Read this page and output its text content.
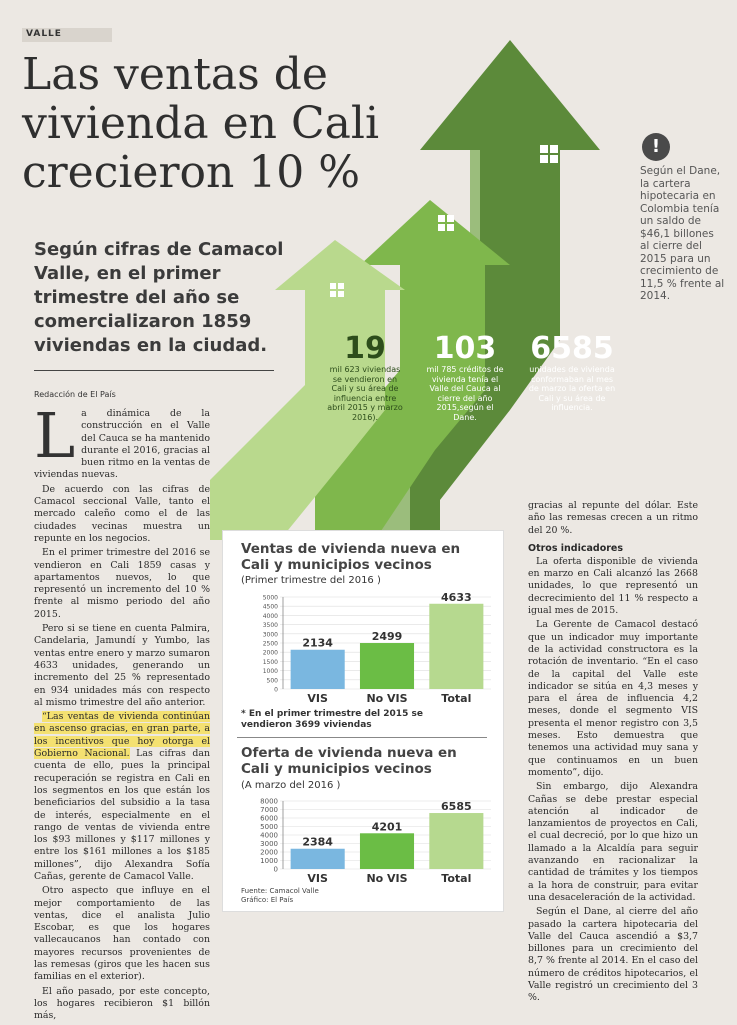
VALLE
Las ventas de
vivienda en Cali
crecieron 10 %
Según cifras de Camacol Valle, en el primer trimestre del año se comercializaron 1859 viviendas en la ciudad.
Redacción de El País
19
mil 623 viviendas se vendieron en Cali y su área de influencia entre abril 2015 y marzo 2016).
103
mil 785 créditos de vivienda tenía el Valle del Cauca al cierre del año 2015,según el Dane.
6585
unidades de vivienda conformaban al mes de marzo la oferta en Cali y su área de influencia.
!
Según el Dane, la cartera hipotecaria en Colombia tenía un saldo de $46,1 billones al cierre del 2015 para un crecimiento de 11,5 % frente al 2014.

La dinámica de la construcción en el Valle del Cauca se ha mantenido durante el 2016, gracias al buen ritmo en la ventas de viviendas nuevas.

De acuerdo con las cifras de Camacol seccional Valle, tanto el mercado caleño como el de las ciudades vecinas muestra un repunte en los negocios.

En el primer trimestre del 2016 se vendieron en Cali 1859 casas y apartamentos nuevos, lo que representó un incremento del 10 % frente al mismo periodo del año 2015.

Pero si se tiene en cuenta Palmira, Candelaria, Jamundí y Yumbo, las ventas entre enero y marzo sumaron 4633 unidades, generando un incremento del 25 % representado en 934 unidades más con respecto al mismo trimestre del año anterior.

“Las ventas de vivienda continúan en ascenso gracias, en gran parte, a los incentivos que hoy otorga el Gobierno Nacional. Las cifras dan cuenta de ello, pues la principal recuperación se registra en Cali en los segmentos en los que están los beneficiarios del subsidio a la tasa de interés, especialmente en el rango de ventas de vivienda entre los $93 millones y $117 millones y entre los $161 millones a los $185 millones”, dijo Alexandra Sofía Cañas, gerente de Camacol Valle.

Otro aspecto que influye en el mejor comportamiento de las ventas, dice el analista Julio Escobar, es que los hogares vallecaucanos han contado con mayores recursos provenientes de las remesas (giros que les hacen sus familias en el exterior).

El año pasado, por este concepto, los hogares recibieron $1 billón más,

gracias al repunte del dólar. Este año las remesas crecen a un ritmo del 20 %.

Otros indicadores

La oferta disponible de vivienda en marzo en Cali alcanzó las 2668 unidades, lo que representó un decrecimiento del 11 % respecto a igual mes de 2015.

La Gerente de Camacol destacó que un indicador muy importante de la actividad constructora es la rotación de inventario. “En el caso de la capital del Valle este indicador se sitúa en 4,3 meses y para el área de influencia 4,2 meses, donde el segmento VIS presenta el menor registro con 3,5 meses. Esto demuestra que tenemos una actividad muy sana y que continuamos en un buen momento”, dijo.

Sin embargo, dijo Alexandra Cañas se debe prestar especial atención al indicador de lanzamientos de proyectos en Cali, el cual decreció, por lo que hizo un llamado a la Alcaldía para seguir avanzando en racionalizar la cantidad de trámites y los tiempos a la hora de construir, para evitar una desaceleración de la actividad.

Según el Dane, al cierre del año pasado la cartera hipotecaria del Valle del Cauca ascendió a $3,7 billones para un crecimiento del 8,7 % frente al 2014. En el caso del número de créditos hipotecarios, el Valle registró un crecimiento del 3 %.

Ventas de vivienda nueva en Cali y municipios vecinos
(Primer trimestre del 2016 )
0
500
1000
1500
2000
2500
3000
3500
4000
4500
5000
2134
VIS
2499
No VIS
4633
Total
* En el primer trimestre del 2015 se vendieron 3699 viviendas
Oferta de vivienda nueva en Cali y municipios vecinos
(A marzo del 2016 )
0
1000
2000
3000
4000
5000
6000
7000
8000
2384
VIS
4201
No VIS
6585
Total
Fuente: Camacol Valle
Gráfico: El País
